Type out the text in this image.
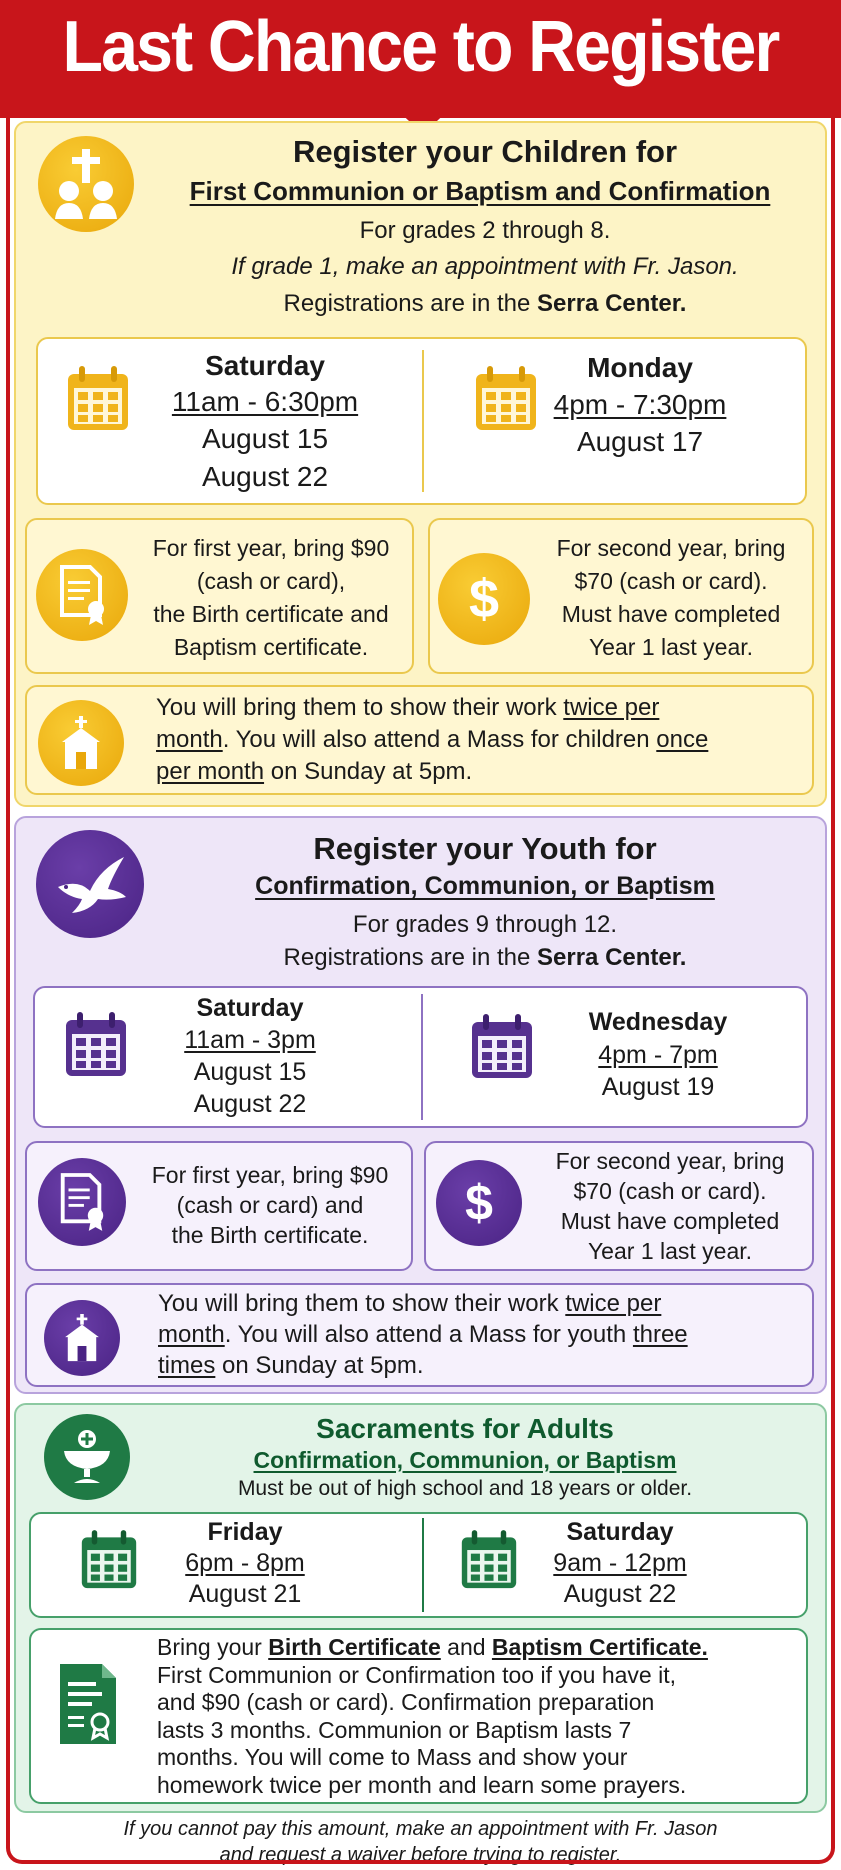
Last Chance to Register
Register your Children for
First Communion or Baptism and Confirmation
For grades 2 through 8.
If grade 1, make an appointment with Fr. Jason.
Registrations are in the Serra Center.
Saturday
11am - 6:30pm
August 15
August 22
Monday
4pm - 7:30pm
August 17
For first year, bring $90
(cash or card),
the Birth certificate and
Baptism certificate.
$
For second year, bring
$70 (cash or card).
Must have completed
Year 1 last year.
You will bring them to show their work twice per
month. You will also attend a Mass for children once
per month on Sunday at 5pm.
Register your Youth for
Confirmation, Communion, or Baptism
For grades 9 through 12.
Registrations are in the Serra Center.
Saturday
11am - 3pm
August 15
August 22
Wednesday
4pm - 7pm
August 19
For first year, bring $90
(cash or card) and
the Birth certificate.
$
For second year, bring
$70 (cash or card).
Must have completed
Year 1 last year.
You will bring them to show their work twice per
month. You will also attend a Mass for youth three
times on Sunday at 5pm.
Sacraments for Adults
Confirmation, Communion, or Baptism
Must be out of high school and 18 years or older.
Friday
6pm - 8pm
August 21
Saturday
9am - 12pm
August 22
Bring your Birth Certificate and Baptism Certificate.
First Communion or Confirmation too if you have it,
and $90 (cash or card). Confirmation preparation
lasts 3 months. Communion or Baptism lasts 7
months. You will come to Mass and show your
homework twice per month and learn some prayers.
If you cannot pay this amount, make an appointment with Fr. Jason
and request a waiver before trying to register.
